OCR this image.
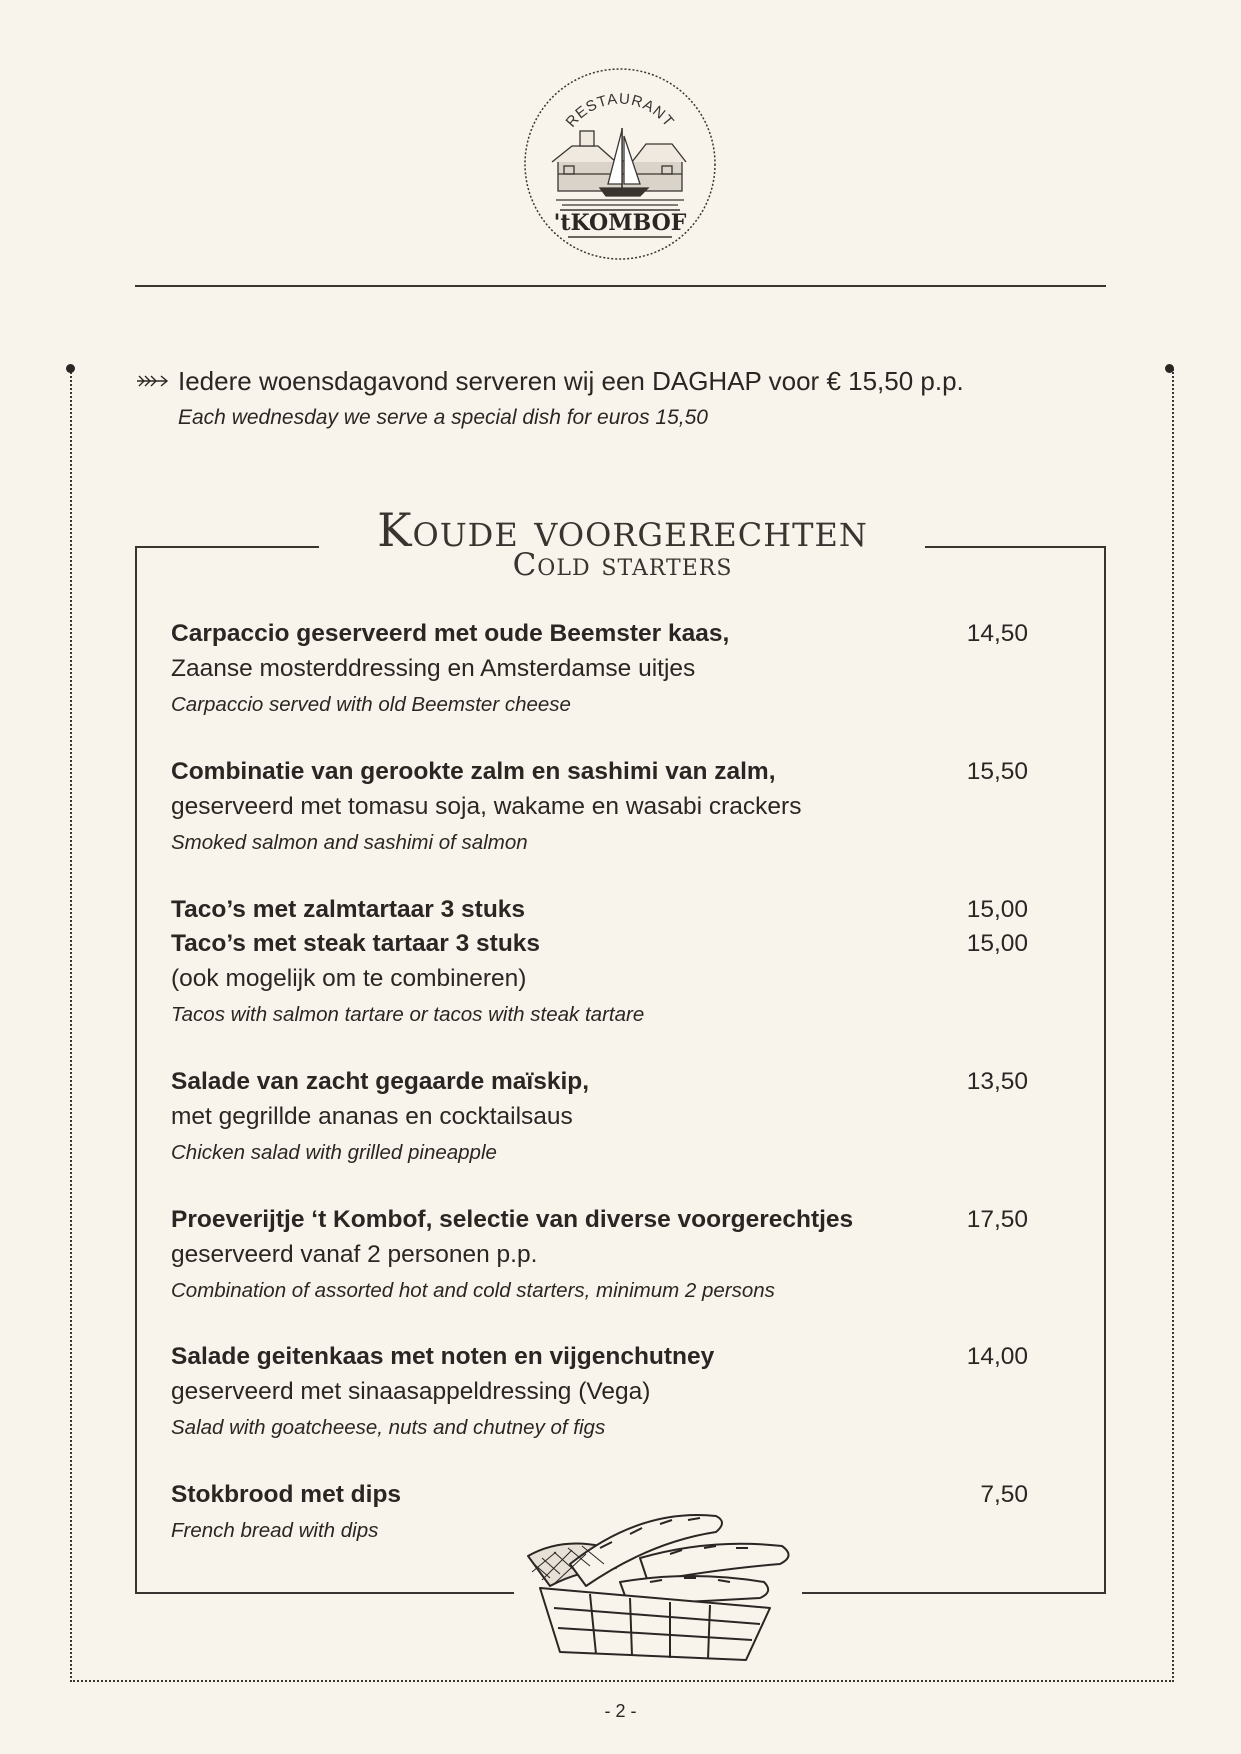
RESTAURANT
'tKOMBOF
Iedere woensdagavond serveren wij een DAGHAP voor € 15,50 p.p.
Each wednesday we serve a special dish for euros 15,50
Koude voorgerechten
Cold starters
Carpaccio geserveerd met oude Beemster kaas,	14,50
Zaanse mosterddressing en Amsterdamse uitjes
Carpaccio served with old Beemster cheese
Combinatie van gerookte zalm en sashimi van zalm,	15,50
geserveerd met tomasu soja, wakame en wasabi crackers
Smoked salmon and sashimi of salmon
Taco’s met zalmtartaar 3 stuks	15,00
Taco’s met steak tartaar 3 stuks	15,00
(ook mogelijk om te combineren)
Tacos with salmon tartare or tacos with steak tartare
Salade van zacht gegaarde maïskip,	13,50
met gegrillde ananas en cocktailsaus
Chicken salad with grilled pineapple
Proeverijtje ‘t Kombof, selectie van diverse voorgerechtjes	17,50
geserveerd vanaf 2 personen p.p.
Combination of assorted hot and cold starters, minimum 2 persons
Salade geitenkaas met noten en vijgenchutney	14,00
geserveerd met sinaasappeldressing (Vega)
Salad with goatcheese, nuts and chutney of figs
Stokbrood met dips	7,50
French bread with dips
- 2 -
